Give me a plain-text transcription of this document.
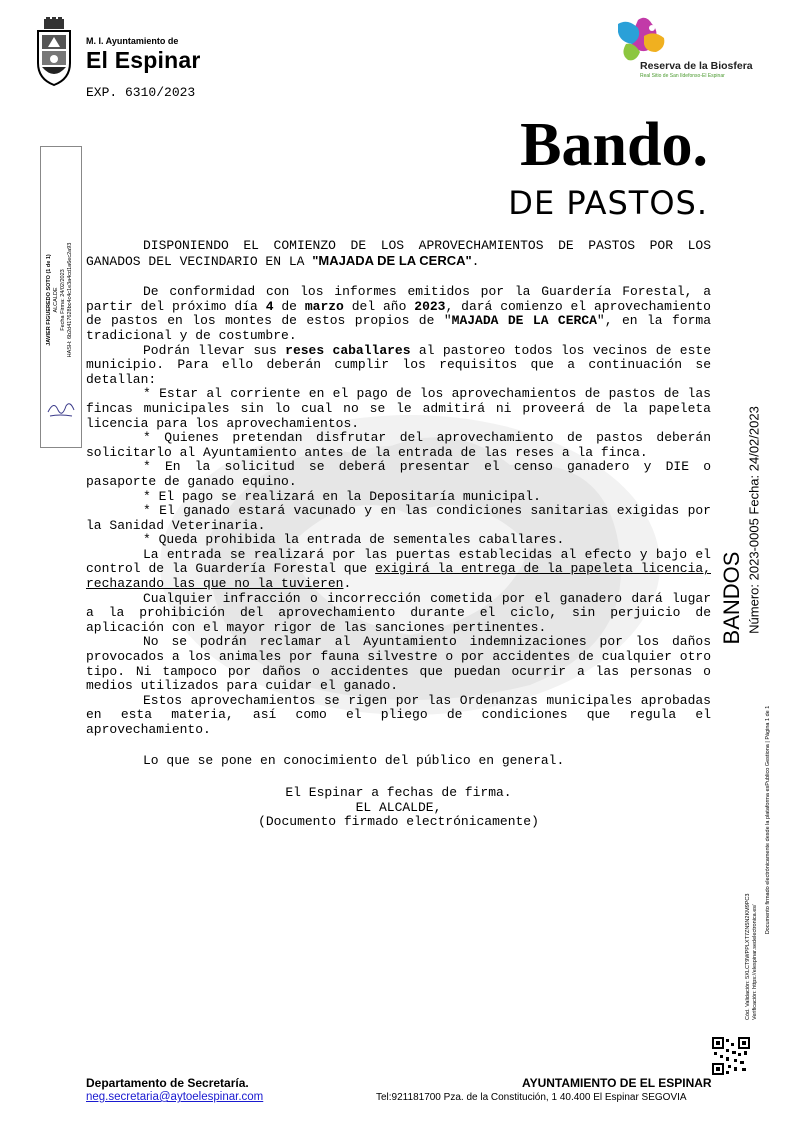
M. I. Ayuntamiento de
El Espinar
EXP. 6310/2023
Reserva de la Biosfera
Real Sitio de San Ildefonso-El Espinar
Bando.
DE PASTOS.
JAVIER FIGUEREDO SOTO (1 de 1) ALCALDE Fecha Firma: 24/02/2023 HASH: 6b2d417628bc4c4c1e3a4cd1a6ec2a93	DISPONIENDO EL COMIENZO DE LOS APROVECHAMIENTOS DE PASTOS POR LOS GANADOS DEL VECINDARIO EN LA "MAJADA DE LA CERCA".

De conformidad con los informes emitidos por la Guardería Forestal, a partir del próximo día 4 de marzo del año 2023, dará comienzo el aprovechamiento de pastos en los montes de estos propios de "MAJADA DE LA CERCA", en la forma tradicional y de costumbre.

Podrán llevar sus reses caballares al pastoreo todos los vecinos de este municipio. Para ello deberán cumplir los requisitos que a continuación se detallan:

* Estar al corriente en el pago de los aprovechamientos de pastos de las fincas municipales sin lo cual no se le admitirá ni proveerá de la papeleta licencia para los aprovechamientos.

* Quienes pretendan disfrutar del aprovechamiento de pastos deberán solicitarlo al Ayuntamiento antes de la entrada de las reses a la finca.

* En la solicitud se deberá presentar el censo ganadero y DIE o pasaporte de ganado equino.

* El pago se realizará en la Depositaría municipal.

* El ganado estará vacunado y en las condiciones sanitarias exigidas por la Sanidad Veterinaria.

* Queda prohibida la entrada de sementales caballares.

La entrada se realizará por las puertas establecidas al efecto y bajo el control de la Guardería Forestal que exigirá la entrega de la papeleta licencia, rechazando las que no la tuvieren.

Cualquier infracción o incorrección cometida por el ganadero dará lugar a la prohibición del aprovechamiento durante el ciclo, sin perjuicio de aplicación con el mayor rigor de las sanciones pertinentes.

No se podrán reclamar al Ayuntamiento indemnizaciones por los daños provocados a los animales por fauna silvestre o por accidentes de cualquier otro tipo. Ni tampoco por daños o accidentes que puedan ocurrir a las personas o medios utilizados para cuidar el ganado.

Estos aprovechamientos se rigen por las Ordenanzas municipales aprobadas en esta materia, así como el pliego de condiciones que regula el aprovechamiento.

Lo que se pone en conocimiento del público en general.

El Espinar a fechas de firma.

EL ALCALDE,

(Documento firmado electrónicamente)

BANDOS Número: 2023-0005 Fecha: 24/02/2023
Cód. Validación: 5XLCT9WPPLXT7ZN5N2KM9PC3 Verificación: https://elespinar.sedelectronica.es/
Documento firmado electrónicamente desde la plataforma esPublico Gestiona | Página 1 de 1
Departamento de Secretaría.
neg.secretaria@aytoelespinar.com
AYUNTAMIENTO DE EL ESPINAR
Tel:921181700 Pza. de la Constitución, 1 40.400 El Espinar SEGOVIA
